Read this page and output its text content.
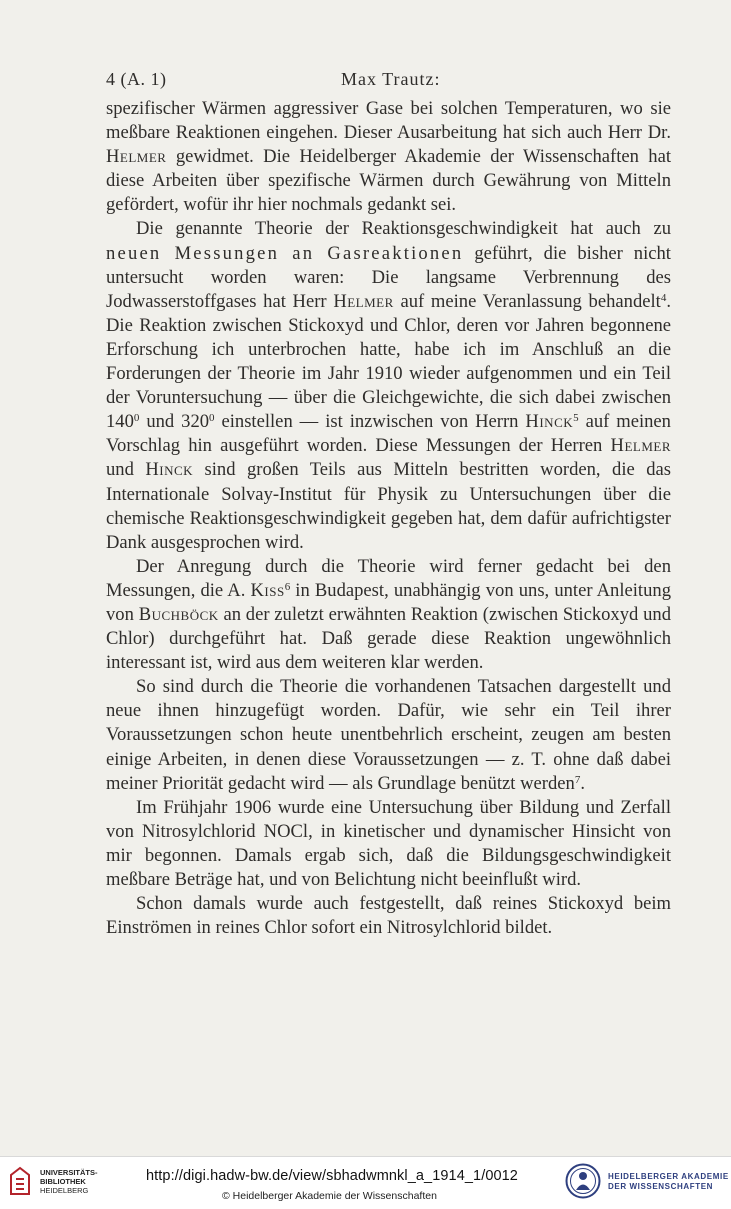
4 (A. 1)	Max Trautz:

spezifischer Wärmen aggressiver Gase bei solchen Temperaturen, wo sie meßbare Reaktionen eingehen. Dieser Ausarbeitung hat sich auch Herr Dr. Helmer gewidmet. Die Heidelberger Akademie der Wissenschaften hat diese Arbeiten über spezifische Wärmen durch Gewährung von Mitteln gefördert, wofür ihr hier nochmals gedankt sei.

Die genannte Theorie der Reaktionsgeschwindigkeit hat auch zu neuen Messungen an Gasreaktionen geführt, die bisher nicht untersucht worden waren: Die langsame Verbrennung des Jodwasserstoffgases hat Herr Helmer auf meine Veranlassung behandelt$^4$. Die Reaktion zwischen Stickoxyd und Chlor, deren vor Jahren begonnene Erforschung ich unterbrochen hatte, habe ich im Anschluß an die Forderungen der Theorie im Jahr 1910 wieder aufgenommen und ein Teil der Voruntersuchung — über die Gleichgewichte, die sich dabei zwischen $140^0$ und $320^0$ einstellen — ist inzwischen von Herrn Hinck$^5$ auf meinen Vorschlag hin ausgeführt worden. Diese Messungen der Herren Helmer und Hinck sind großen Teils aus Mitteln bestritten worden, die das Internationale Solvay-Institut für Physik zu Untersuchungen über die chemische Reaktionsgeschwindigkeit gegeben hat, dem dafür aufrichtigster Dank ausgesprochen wird.

Der Anregung durch die Theorie wird ferner gedacht bei den Messungen, die A. Kiss$^6$ in Budapest, unabhängig von uns, unter Anleitung von Buchböck an der zuletzt erwähnten Reaktion (zwischen Stickoxyd und Chlor) durchgeführt hat. Daß gerade diese Reaktion ungewöhnlich interessant ist, wird aus dem weiteren klar werden.

So sind durch die Theorie die vorhandenen Tatsachen dargestellt und neue ihnen hinzugefügt worden. Dafür, wie sehr ein Teil ihrer Voraussetzungen schon heute unentbehrlich erscheint, zeugen am besten einige Arbeiten, in denen diese Voraussetzungen — z. T. ohne daß dabei meiner Priorität gedacht wird — als Grundlage benützt werden$^7$.

Im Frühjahr 1906 wurde eine Untersuchung über Bildung und Zerfall von Nitrosylchlorid NOCl, in kinetischer und dynamischer Hinsicht von mir begonnen. Damals ergab sich, daß die Bildungsgeschwindigkeit meßbare Beträge hat, und von Belichtung nicht beeinflußt wird.

Schon damals wurde auch festgestellt, daß reines Stickoxyd beim Einströmen in reines Chlor sofort ein Nitrosylchlorid bildet.

UNIVERSITÄTS-
BIBLIOTHEK
HEIDELBERG
http://digi.hadw-bw.de/view/sbhadwmnkl_a_1914_1/0012
© Heidelberger Akademie der Wissenschaften
HEIDELBERGER AKADEMIE
DER WISSENSCHAFTEN
